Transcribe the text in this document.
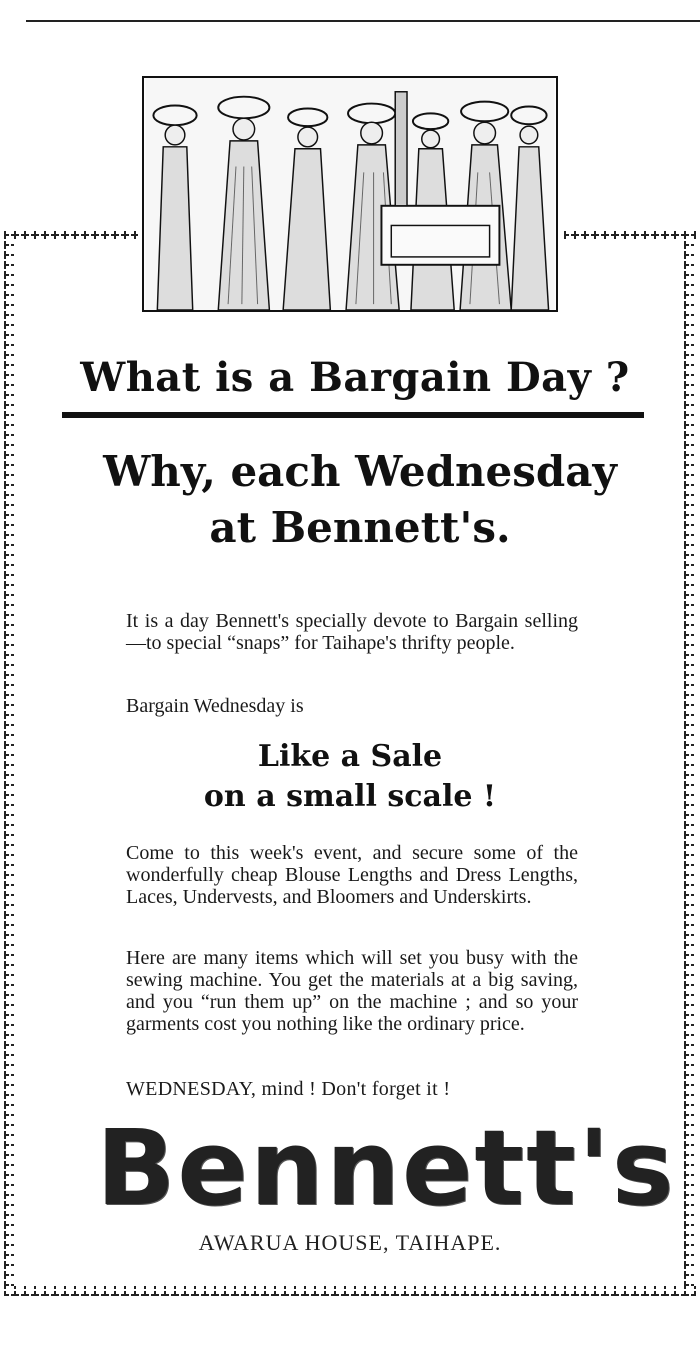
What is a Bargain Day ?
Why, each Wednesday
at Bennett's.

It is a day Bennett's specially devote to Bargain selling—to special “snaps” for Taihape's thrifty people.

Bargain Wednesday is

Like a Sale
on a small scale !

Come to this week's event, and secure some of the wonderfully cheap Blouse Lengths and Dress Lengths, Laces, Undervests, and Bloomers and Underskirts.

Here are many items which will set you busy with the sewing machine. You get the materials at a big saving, and you “run them up” on the machine ; and so your garments cost you nothing like the ordinary price.

WEDNESDAY, mind ! Don't forget it !

Bennett's
AWARUA HOUSE, TAIHAPE.
